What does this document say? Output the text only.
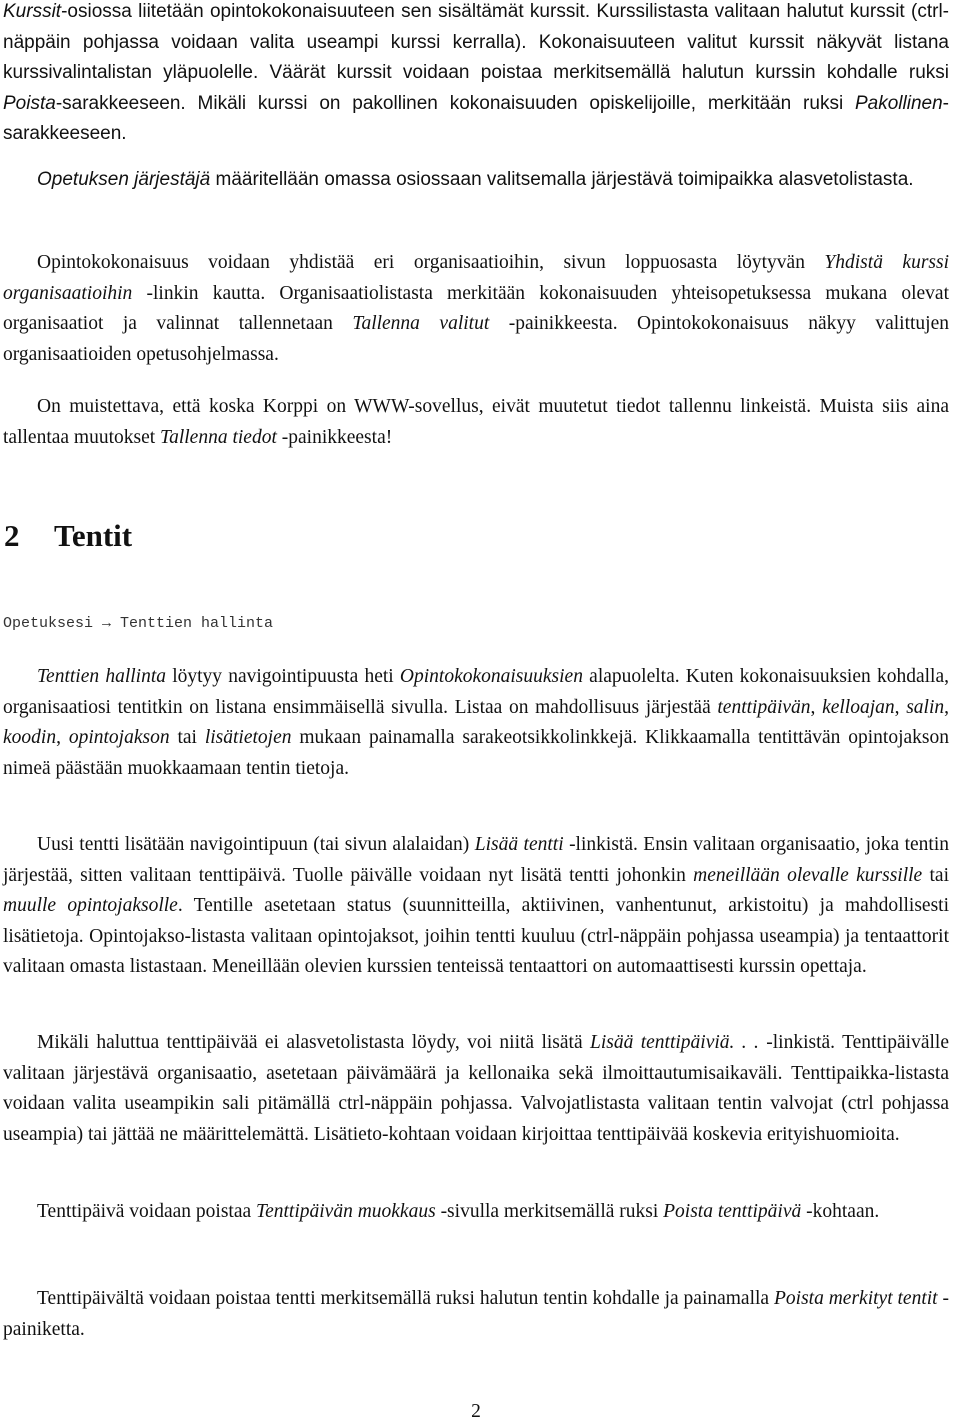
Kurssit-osiossa liitetään opintokokonaisuuteen sen sisältämät kurssit. Kurssilistasta valitaan halutut kurssit (ctrl-näppäin pohjassa voidaan valita useampi kurssi kerralla). Kokonaisuuteen valitut kurssit näkyvät listana kurssivalintalistan yläpuolelle. Väärät kurssit voidaan poistaa merkitsemällä halutun kurssin kohdalle ruksi Poista-sarakkeeseen. Mikäli kurssi on pakollinen kokonaisuuden opiskelijoille, merkitään ruksi Pakollinen-sarakkeeseen.

Opetuksen järjestäjä määritellään omassa osiossaan valitsemalla järjestävä toimipaikka alasvetolistasta.

Opintokokonaisuus voidaan yhdistää eri organisaatioihin, sivun loppuosasta löytyvän Yhdistä kurssi organisaatioihin -linkin kautta. Organisaatiolistasta merkitään kokonaisuuden yhteisopetuksessa mukana olevat organisaatiot ja valinnat tallennetaan Tallenna valitut -painikkeesta. Opintokokonaisuus näkyy valittujen organisaatioiden opetusohjelmassa.

On muistettava, että koska Korppi on WWW-sovellus, eivät muutetut tiedot tallennu linkeistä. Muista siis aina tallentaa muutokset Tallenna tiedot -painikkeesta!

2 Tentit

Opetuksesi → Tenttien hallinta

Tenttien hallinta löytyy navigointipuusta heti Opintokokonaisuuksien alapuolelta. Kuten kokonaisuuksien kohdalla, organisaatiosi tentitkin on listana ensimmäisellä sivulla. Listaa on mahdollisuus järjestää tenttipäivän, kelloajan, salin, koodin, opintojakson tai lisätietojen mukaan painamalla sarakeotsikkolinkkejä. Klikkaamalla tentittävän opintojakson nimeä päästään muokkaamaan tentin tietoja.

Uusi tentti lisätään navigointipuun (tai sivun alalaidan) Lisää tentti -linkistä. Ensin valitaan organisaatio, joka tentin järjestää, sitten valitaan tenttipäivä. Tuolle päivälle voidaan nyt lisätä tentti johonkin meneillään olevalle kurssille tai muulle opintojaksolle. Tentille asetetaan status (suunnitteilla, aktiivinen, vanhentunut, arkistoitu) ja mahdollisesti lisätietoja. Opintojakso-listasta valitaan opintojaksot, joihin tentti kuuluu (ctrl-näppäin pohjassa useampia) ja tentaattorit valitaan omasta listastaan. Meneillään olevien kurssien tenteissä tentaattori on automaattisesti kurssin opettaja.

Mikäli haluttua tenttipäivää ei alasvetolistasta löydy, voi niitä lisätä Lisää tenttipäiviä. . . -linkistä. Tenttipäivälle valitaan järjestävä organisaatio, asetetaan päivämäärä ja kellonaika sekä ilmoittautumisaikaväli. Tenttipaikka-listasta voidaan valita useampikin sali pitämällä ctrl-näppäin pohjassa. Valvojatlistasta valitaan tentin valvojat (ctrl pohjassa useampia) tai jättää ne määrittelemättä. Lisätieto-kohtaan voidaan kirjoittaa tenttipäivää koskevia erityishuomioita.

Tenttipäivä voidaan poistaa Tenttipäivän muokkaus -sivulla merkitsemällä ruksi Poista tenttipäivä -kohtaan.

Tenttipäivältä voidaan poistaa tentti merkitsemällä ruksi halutun tentin kohdalle ja painamalla Poista merkityt tentit -painiketta.

2
